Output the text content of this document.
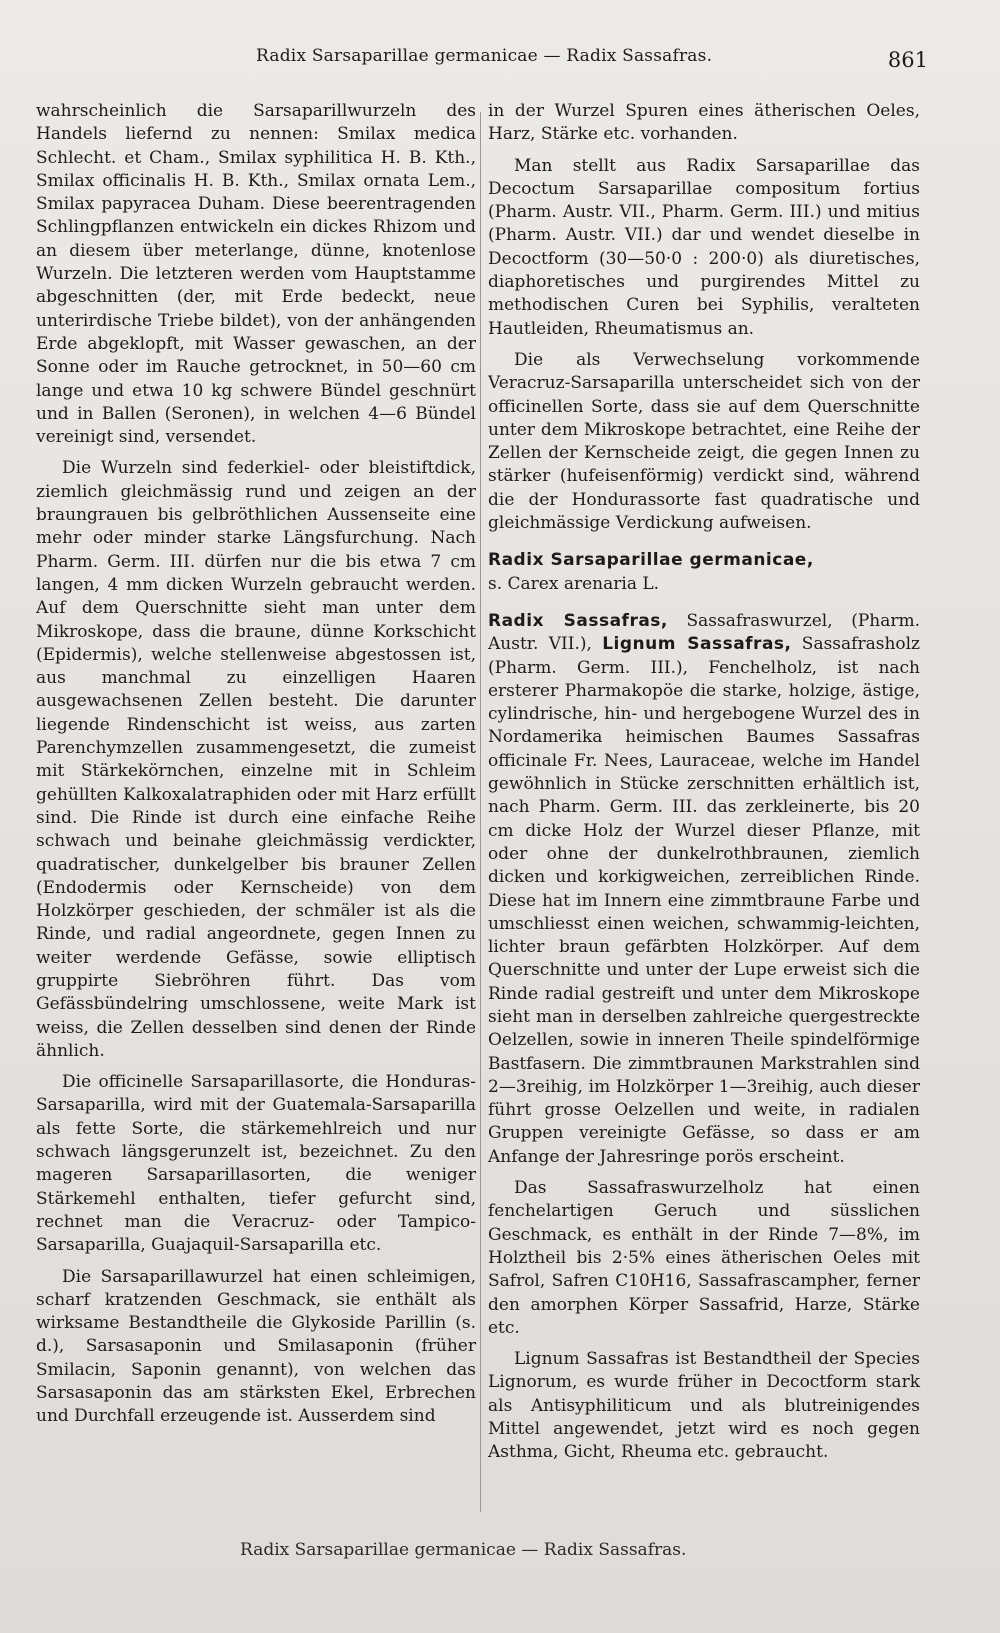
Radix Sarsaparillae germanicae — Radix Sassafras.	861

wahrscheinlich die Sarsaparillwurzeln des Handels liefernd zu nennen: Smilax medica Schlecht. et Cham., Smilax syphilitica H. B. Kth., Smilax officinalis H. B. Kth., Smilax ornata Lem., Smilax papyracea Duham. Diese beerentragenden Schlingpflanzen entwickeln ein dickes Rhizom und an diesem über meterlange, dünne, knotenlose Wurzeln. Die letzteren werden vom Hauptstamme abgeschnitten (der, mit Erde bedeckt, neue unterirdische Triebe bildet), von der anhängenden Erde abgeklopft, mit Wasser gewaschen, an der Sonne oder im Rauche getrocknet, in 50—60 cm lange und etwa 10 kg schwere Bündel geschnürt und in Ballen (Seronen), in welchen 4—6 Bündel vereinigt sind, versendet.

Die Wurzeln sind federkiel- oder bleistiftdick, ziemlich gleichmässig rund und zeigen an der braungrauen bis gelbröthlichen Aussenseite eine mehr oder minder starke Längsfurchung. Nach Pharm. Germ. III. dürfen nur die bis etwa 7 cm langen, 4 mm dicken Wurzeln gebraucht werden. Auf dem Querschnitte sieht man unter dem Mikroskope, dass die braune, dünne Korkschicht (Epidermis), welche stellenweise abgestossen ist, aus manchmal zu einzelligen Haaren ausgewachsenen Zellen besteht. Die darunter liegende Rindenschicht ist weiss, aus zarten Parenchymzellen zusammengesetzt, die zumeist mit Stärkekörnchen, einzelne mit in Schleim gehüllten Kalkoxalatraphiden oder mit Harz erfüllt sind. Die Rinde ist durch eine einfache Reihe schwach und beinahe gleichmässig verdickter, quadratischer, dunkelgelber bis brauner Zellen (Endodermis oder Kernscheide) von dem Holzkörper geschieden, der schmäler ist als die Rinde, und radial angeordnete, gegen Innen zu weiter werdende Gefässe, sowie elliptisch gruppirte Siebröhren führt. Das vom Gefässbündelring umschlossene, weite Mark ist weiss, die Zellen desselben sind denen der Rinde ähnlich.

Die officinelle Sarsaparillasorte, die Honduras-Sarsaparilla, wird mit der Guatemala-Sarsaparilla als fette Sorte, die stärkemehlreich und nur schwach längsgerunzelt ist, bezeichnet. Zu den mageren Sarsaparillasorten, die weniger Stärkemehl enthalten, tiefer gefurcht sind, rechnet man die Veracruz- oder Tampico-Sarsaparilla, Guajaquil-Sarsaparilla etc.

Die Sarsaparillawurzel hat einen schleimigen, scharf kratzenden Geschmack, sie enthält als wirksame Bestandtheile die Glykoside Parillin (s. d.), Sarsasaponin und Smilasaponin (früher Smilacin, Saponin genannt), von welchen das Sarsasaponin das am stärksten Ekel, Erbrechen und Durchfall erzeugende ist. Ausserdem sind

in der Wurzel Spuren eines ätherischen Oeles, Harz, Stärke etc. vorhanden.

Man stellt aus Radix Sarsaparillae das Decoctum Sarsaparillae compositum fortius (Pharm. Austr. VII., Pharm. Germ. III.) und mitius (Pharm. Austr. VII.) dar und wendet dieselbe in Decoctform (30—50·0 : 200·0) als diuretisches, diaphoretisches und purgirendes Mittel zu methodischen Curen bei Syphilis, veralteten Hautleiden, Rheumatismus an.

Die als Verwechselung vorkommende Veracruz-Sarsaparilla unterscheidet sich von der officinellen Sorte, dass sie auf dem Querschnitte unter dem Mikroskope betrachtet, eine Reihe der Zellen der Kernscheide zeigt, die gegen Innen zu stärker (hufeisenförmig) verdickt sind, während die der Hondurassorte fast quadratische und gleichmässige Verdickung aufweisen.

Radix Sarsaparillae germanicae,
s. Carex arenaria L.

Radix Sassafras, Sassafraswurzel, (Pharm. Austr. VII.), Lignum Sassafras, Sassafrasholz (Pharm. Germ. III.), Fenchelholz, ist nach ersterer Pharmakopöe die starke, holzige, ästige, cylindrische, hin- und hergebogene Wurzel des in Nordamerika heimischen Baumes Sassafras officinale Fr. Nees, Lauraceae, welche im Handel gewöhnlich in Stücke zerschnitten erhältlich ist, nach Pharm. Germ. III. das zerkleinerte, bis 20 cm dicke Holz der Wurzel dieser Pflanze, mit oder ohne der dunkelrothbraunen, ziemlich dicken und korkigweichen, zerreiblichen Rinde. Diese hat im Innern eine zimmtbraune Farbe und umschliesst einen weichen, schwammig-leichten, lichter braun gefärbten Holzkörper. Auf dem Querschnitte und unter der Lupe erweist sich die Rinde radial gestreift und unter dem Mikroskope sieht man in derselben zahlreiche quergestreckte Oelzellen, sowie in inneren Theile spindelförmige Bastfasern. Die zimmtbraunen Markstrahlen sind 2—3reihig, im Holzkörper 1—3reihig, auch dieser führt grosse Oelzellen und weite, in radialen Gruppen vereinigte Gefässe, so dass er am Anfange der Jahresringe porös erscheint.

Das Sassafraswurzelholz hat einen fenchelartigen Geruch und süsslichen Geschmack, es enthält in der Rinde 7—8%, im Holztheil bis 2·5% eines ätherischen Oeles mit Safrol, Safren C10H16, Sassafrascampher, ferner den amorphen Körper Sassafrid, Harze, Stärke etc.

Lignum Sassafras ist Bestandtheil der Species Lignorum, es wurde früher in Decoctform stark als Antisyphiliticum und als blutreinigendes Mittel angewendet, jetzt wird es noch gegen Asthma, Gicht, Rheuma etc. gebraucht.

Radix Sarsaparillae germanicae — Radix Sassafras.
